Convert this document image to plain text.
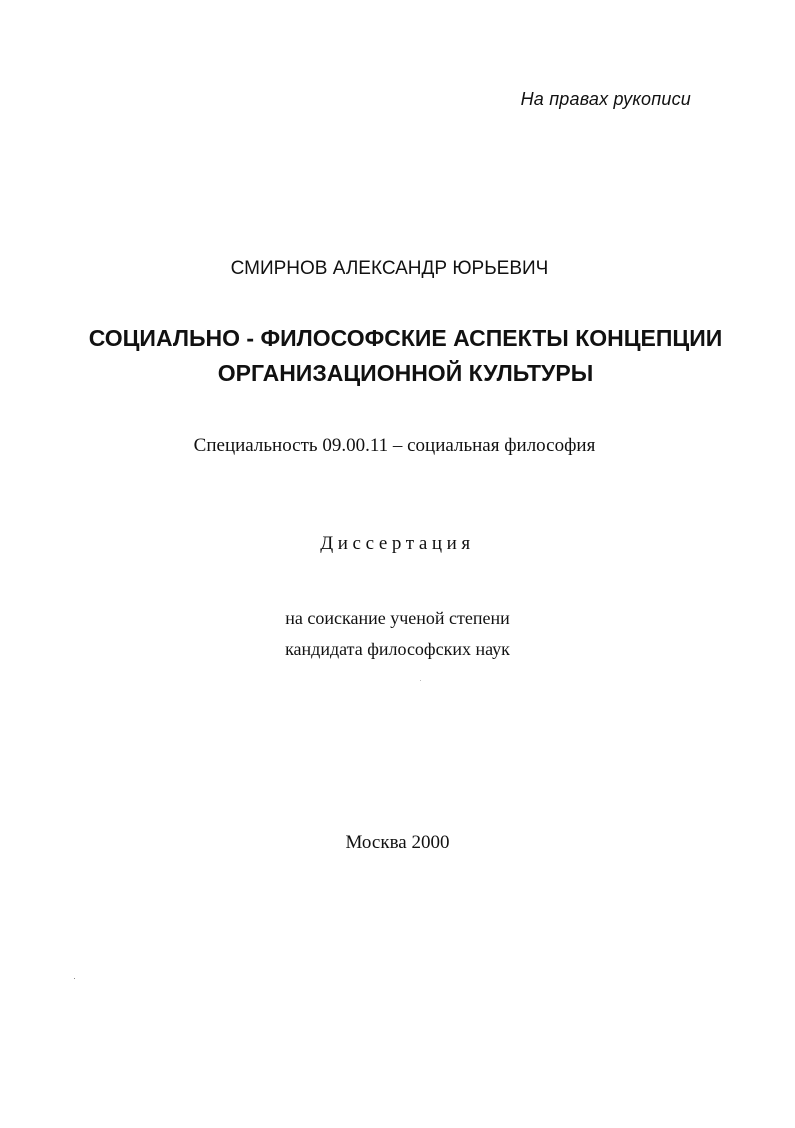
На правах рукописи
СМИРНОВ АЛЕКСАНДР ЮРЬЕВИЧ
СОЦИАЛЬНО - ФИЛОСОФСКИЕ АСПЕКТЫ КОНЦЕПЦИИ
ОРГАНИЗАЦИОННОЙ КУЛЬТУРЫ
Специальность 09.00.11 – социальная философия
Диссертация
на соискание ученой степени
кандидата философских наук
Москва 2000
